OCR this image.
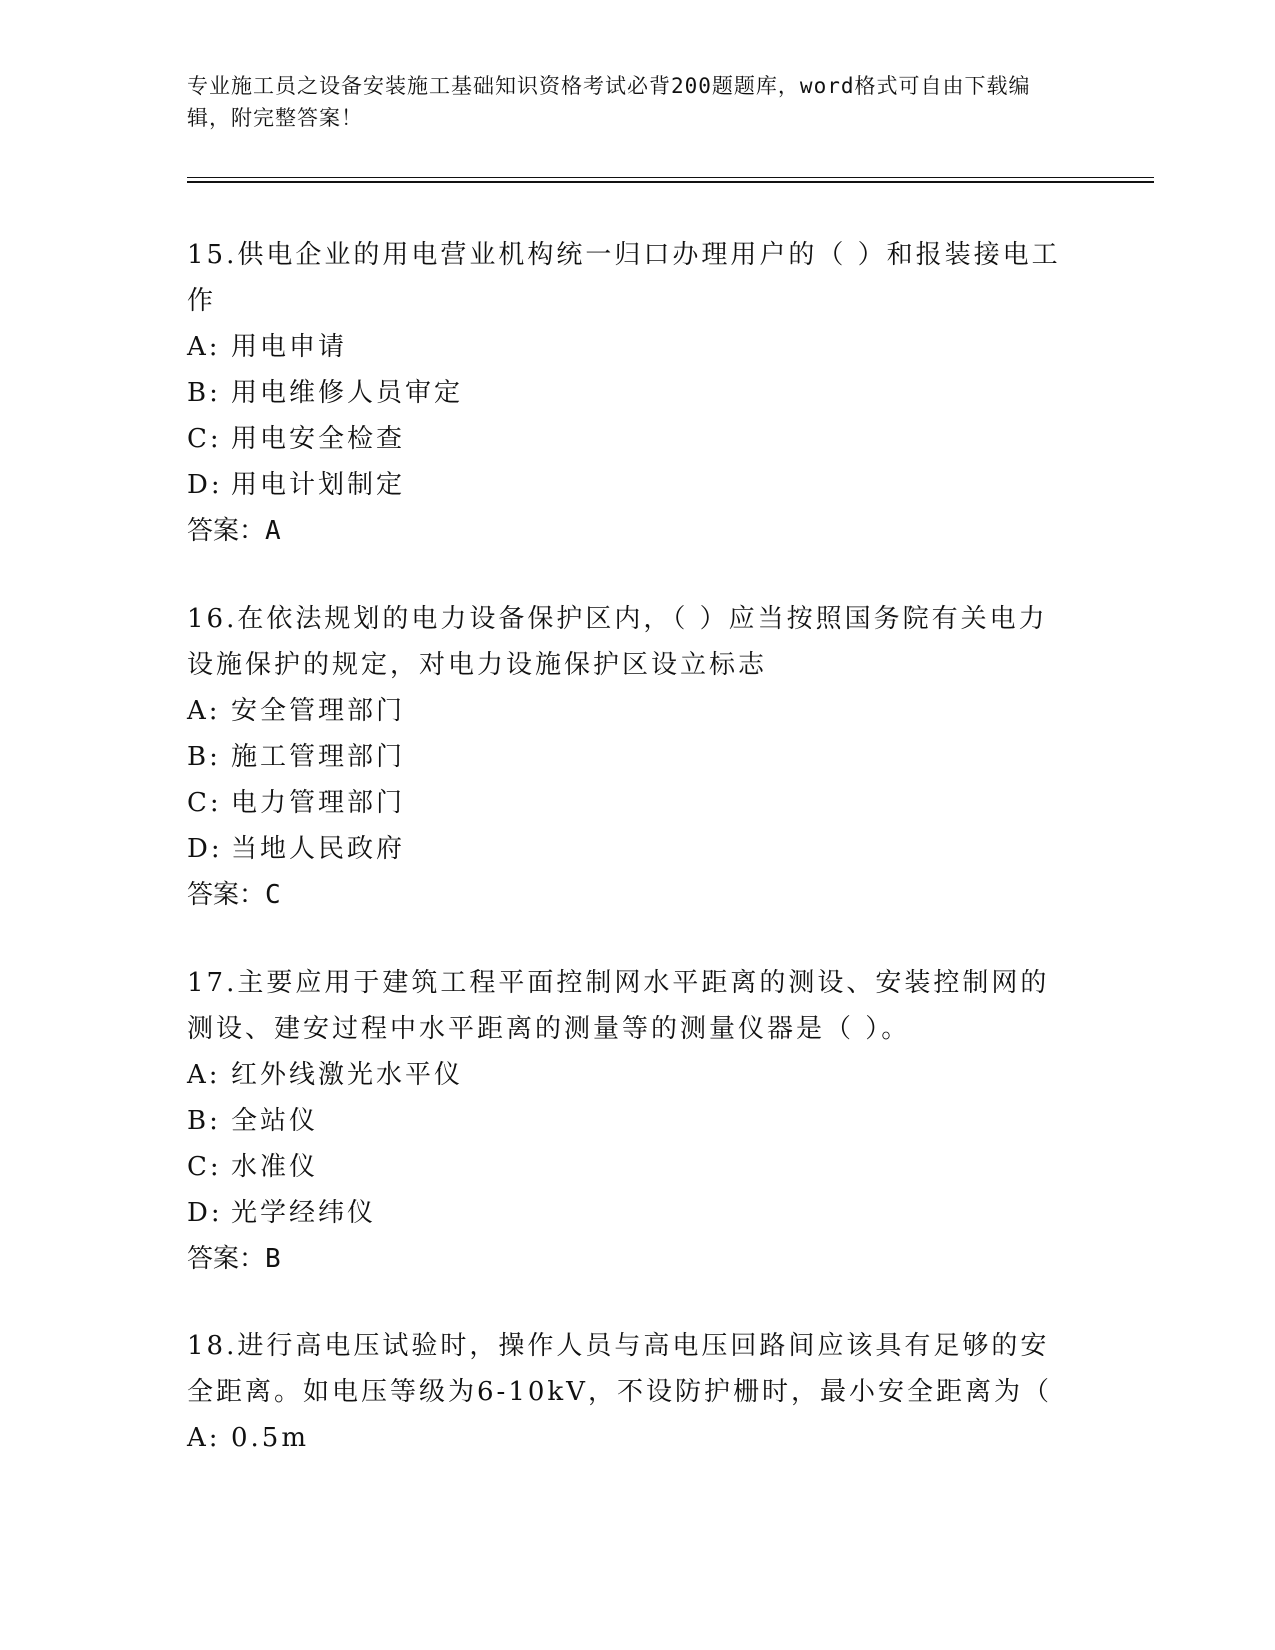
专业施工员之设备安装施工基础知识资格考试必背200题题库，word格式可自由下载编辑，附完整答案！

15.供电企业的用电营业机构统一归口办理用户的（ ）和报装接电工作

A: 用电申请

B: 用电维修人员审定

C: 用电安全检查

D: 用电计划制定

答案：A

16.在依法规划的电力设备保护区内，（ ）应当按照国务院有关电力设施保护的规定，对电力设施保护区设立标志

A: 安全管理部门

B: 施工管理部门

C: 电力管理部门

D: 当地人民政府

答案：C

17.主要应用于建筑工程平面控制网水平距离的测设、安装控制网的测设、建安过程中水平距离的测量等的测量仪器是（ ）。

A: 红外线激光水平仪

B: 全站仪

C: 水准仪

D: 光学经纬仪

答案：B

18.进行高电压试验时，操作人员与高电压回路间应该具有足够的安全距离。如电压等级为6-10kV，不设防护栅时，最小安全距离为（

A: 0.5m
